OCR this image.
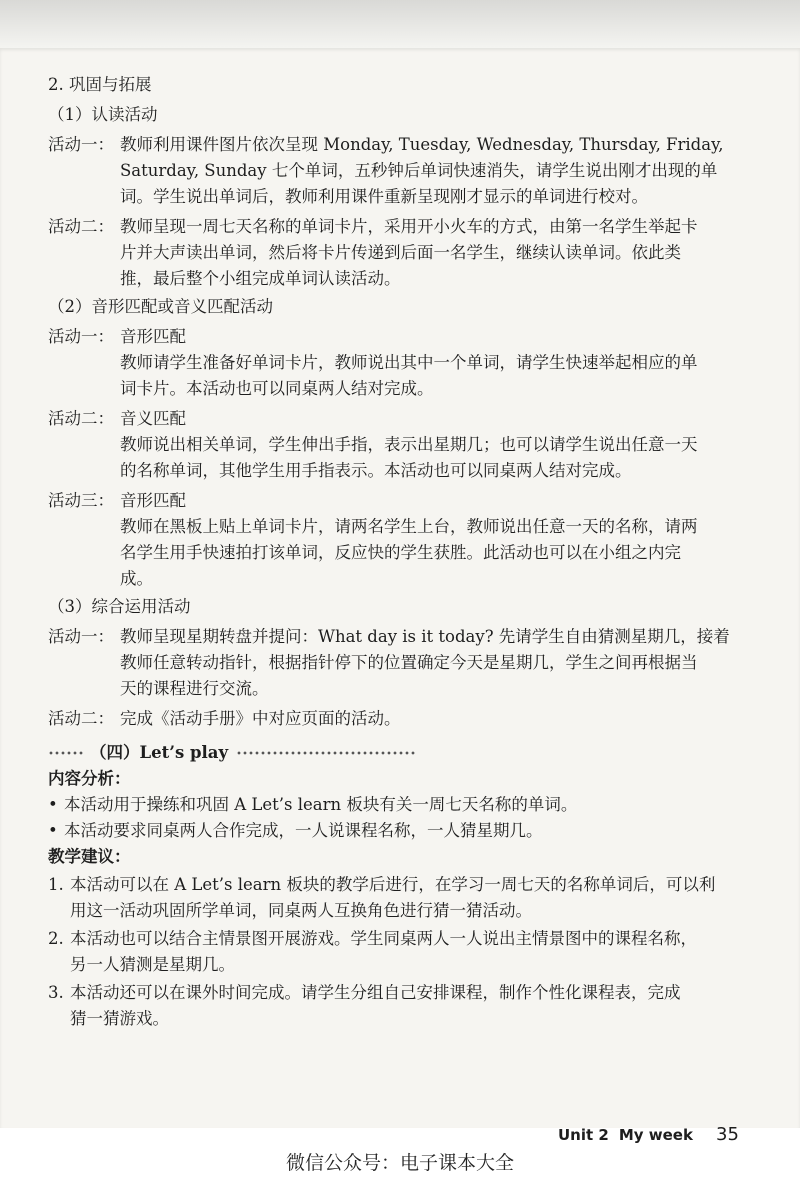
2. 巩固与拓展
（1）认读活动
活动一： 教师利用课件图片依次呈现 Monday, Tuesday, Wednesday, Thursday, Friday,

Saturday, Sunday 七个单词，五秒钟后单词快速消失，请学生说出刚才出现的单

词。学生说出单词后，教师利用课件重新呈现刚才显示的单词进行校对。

活动二： 教师呈现一周七天名称的单词卡片，采用开小火车的方式，由第一名学生举起卡

片并大声读出单词，然后将卡片传递到后面一名学生，继续认读单词。依此类

推，最后整个小组完成单词认读活动。

（2）音形匹配或音义匹配活动
活动一： 音形匹配

教师请学生准备好单词卡片，教师说出其中一个单词，请学生快速举起相应的单

词卡片。本活动也可以同桌两人结对完成。

活动二： 音义匹配

教师说出相关单词，学生伸出手指，表示出星期几；也可以请学生说出任意一天

的名称单词，其他学生用手指表示。本活动也可以同桌两人结对完成。

活动三： 音形匹配

教师在黑板上贴上单词卡片，请两名学生上台，教师说出任意一天的名称，请两

名学生用手快速拍打该单词，反应快的学生获胜。此活动也可以在小组之内完

成。

（3）综合运用活动
活动一： 教师呈现星期转盘并提问：What day is it today? 先请学生自由猜测星期几，接着

教师任意转动指针，根据指针停下的位置确定今天是星期几，学生之间再根据当

天的课程进行交流。

活动二： 完成《活动手册》中对应页面的活动。

（四）Let’s play
内容分析：
• 本活动用于操练和巩固 A Let’s learn 板块有关一周七天名称的单词。
• 本活动要求同桌两人合作完成，一人说课程名称，一人猜星期几。
教学建议：
1. 本活动可以在 A Let’s learn 板块的教学后进行，在学习一周七天的名称单词后，可以利
用这一活动巩固所学单词，同桌两人互换角色进行猜一猜活动。
2. 本活动也可以结合主情景图开展游戏。学生同桌两人一人说出主情景图中的课程名称，
另一人猜测是星期几。
3. 本活动还可以在课外时间完成。请学生分组自己安排课程，制作个性化课程表，完成
猜一猜游戏。
Unit 2 My week 35
微信公众号：电子课本大全
